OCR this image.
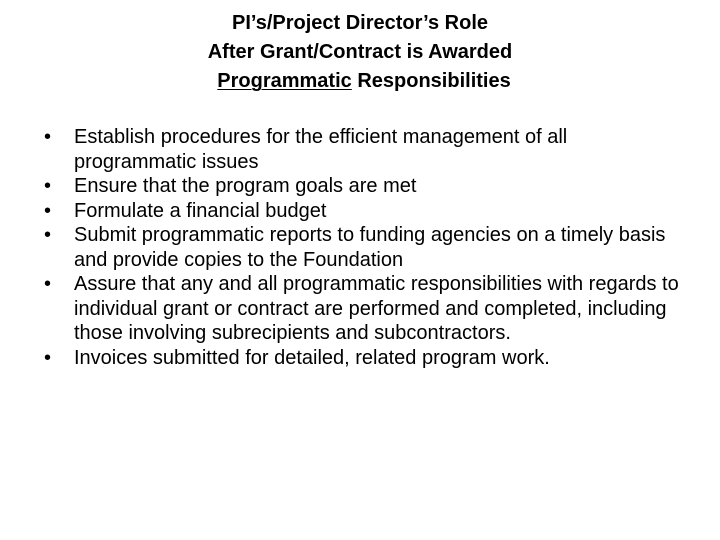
PI’s/Project Director’s Role
After Grant/Contract is Awarded
Programmatic Responsibilities
•	Establish procedures for the efficient management of all programmatic issues
•	Ensure that the program goals are met
•	Formulate a financial budget
•	Submit programmatic reports to funding agencies on a timely basis and provide copies to the Foundation
•	Assure that any and all programmatic responsibilities with regards to individual grant or contract are performed and completed, including those involving subrecipients and subcontractors.
•	Invoices submitted for detailed, related program work.
